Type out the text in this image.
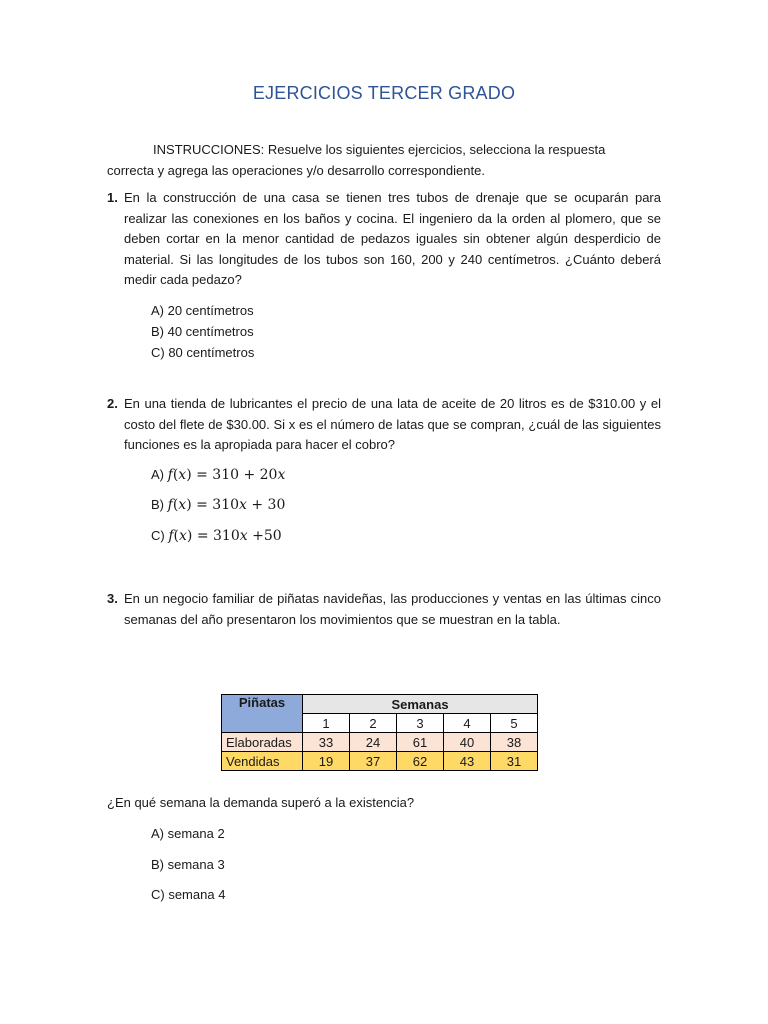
EJERCICIOS TERCER GRADO
INSTRUCCIONES: Resuelve los siguientes ejercicios, selecciona la respuesta
correcta y agrega las operaciones y/o desarrollo correspondiente.
1. En la construcción de una casa se tienen tres tubos de drenaje que se ocuparán para realizar las conexiones en los baños y cocina. El ingeniero da la orden al plomero, que se deben cortar en la menor cantidad de pedazos iguales sin obtener algún desperdicio de material. Si las longitudes de los tubos son 160, 200 y 240 centímetros. ¿Cuánto deberá medir cada pedazo?
A) 20 centímetros
B) 40 centímetros
C) 80 centímetros
2. En una tienda de lubricantes el precio de una lata de aceite de 20 litros es de $310.00 y el costo del flete de $30.00. Si x es el número de latas que se compran, ¿cuál de las siguientes funciones es la apropiada para hacer el cobro?
A) f(x) = 310 + 20x
B) f(x) = 310x + 30
C) f(x) = 310x +50
3. En un negocio familiar de piñatas navideñas, las producciones y ventas en las últimas cinco semanas del año presentaron los movimientos que se muestran en la tabla.
Piñatas	Semanas				
	1	2	3	4	5
Elaboradas	33	24	61	40	38
Vendidas	19	37	62	43	31
¿En qué semana la demanda superó a la existencia?
A) semana 2
B) semana 3
C) semana 4
